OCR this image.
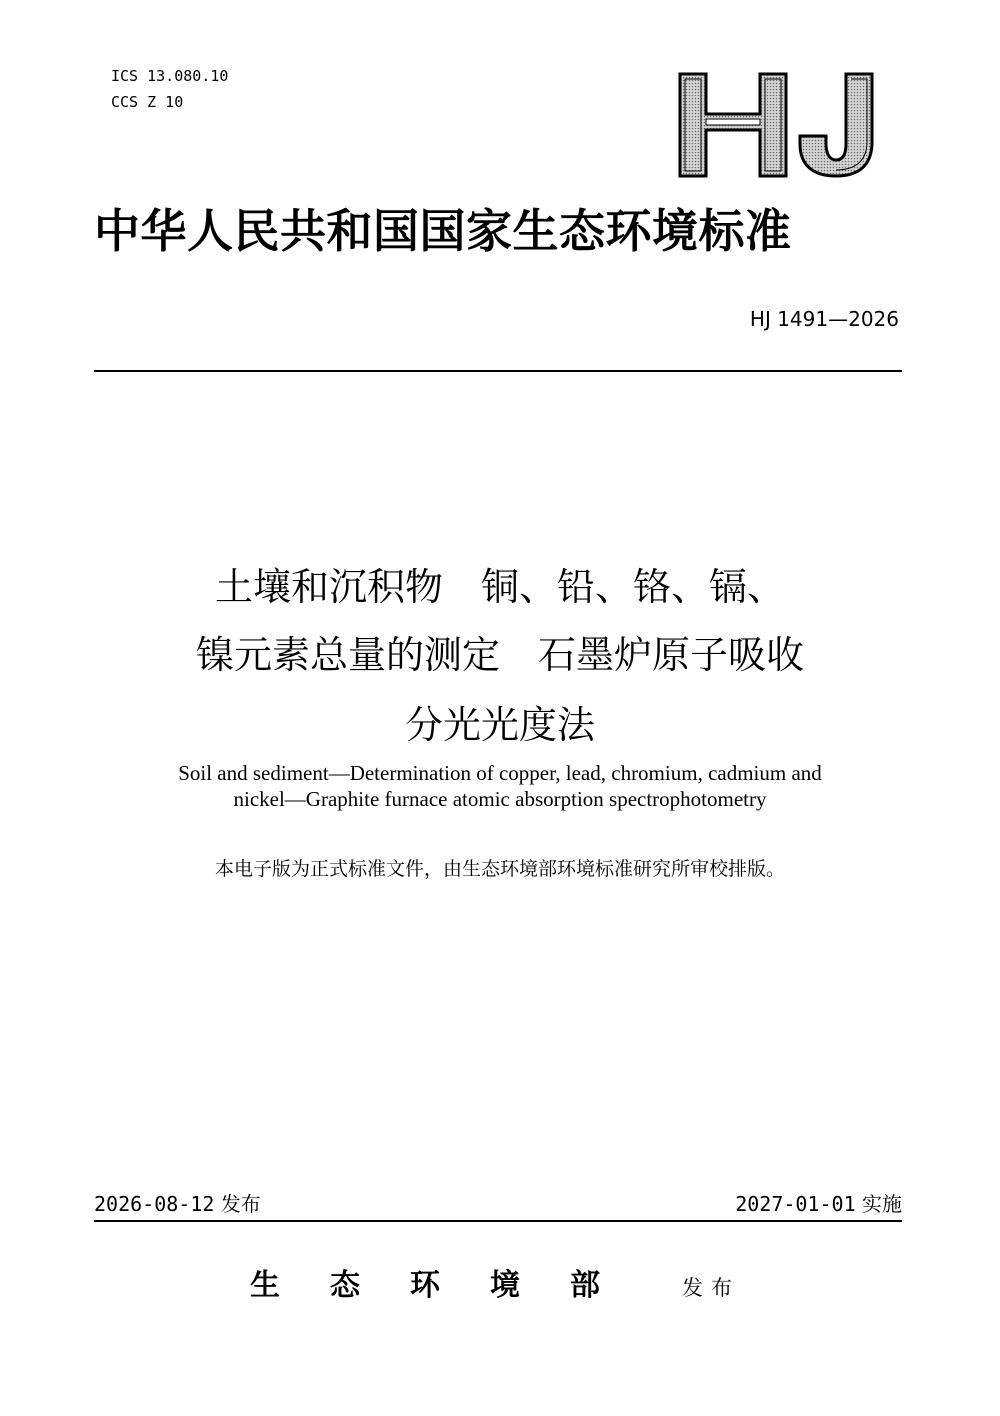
ICS 13.080.10
CCS Z 10
中华人民共和国国家生态环境标准
HJ 1491—2026
土壤和沉积物　铜、铅、铬、镉、
镍元素总量的测定　石墨炉原子吸收
分光光度法
Soil and sediment—Determination of copper, lead, chromium, cadmium and
nickel—Graphite furnace atomic absorption spectrophotometry
本电子版为正式标准文件，由生态环境部环境标准研究所审校排版。
2026-08-12 发布	2027-01-01 实施
生态环境部 发布
